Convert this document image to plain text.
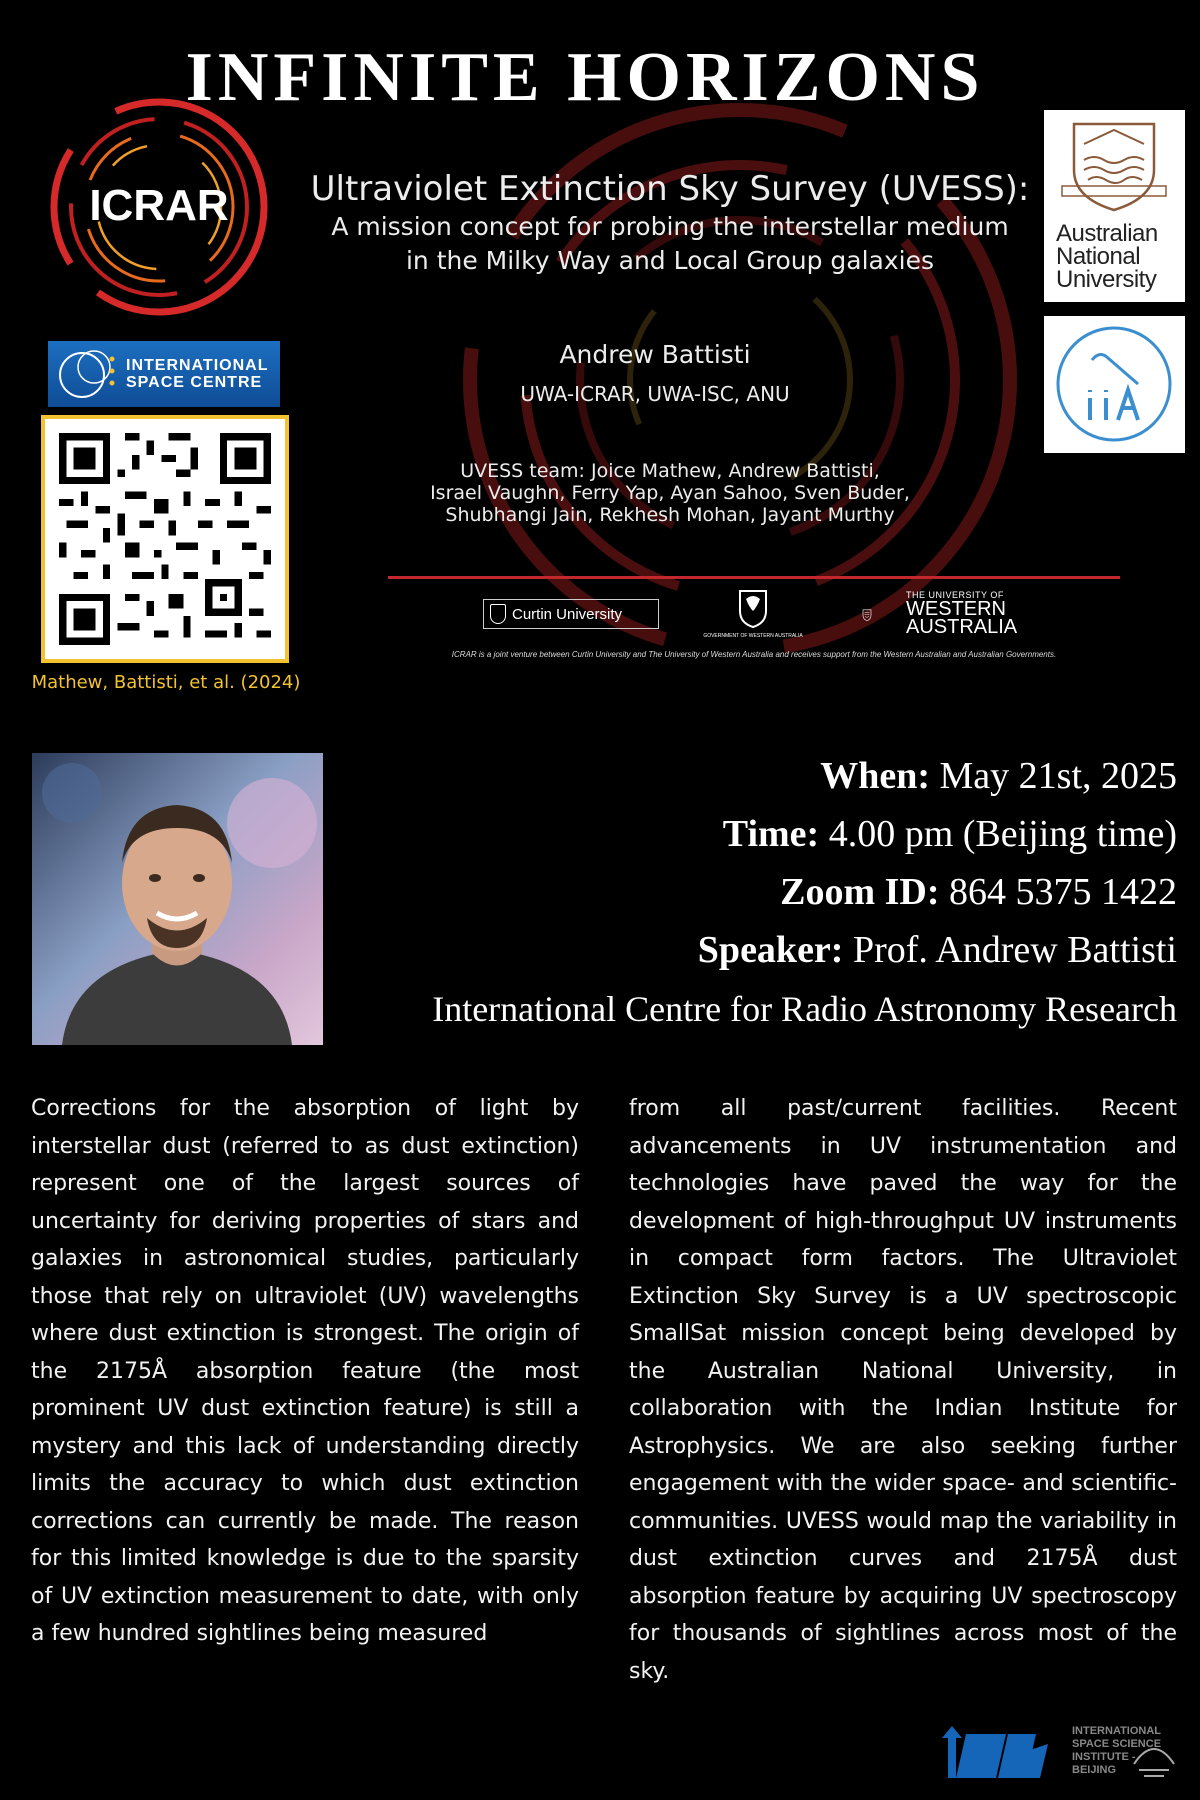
INFINITE HORIZONS
ICRAR Ultraviolet Extinction Sky Survey (UVESS):
A mission concept for probing the interstellar medium
in the Milky Way and Local Group galaxies
Andrew Battisti
UWA-ICRAR, UWA-ISC, ANU
UVESS team: Joice Mathew, Andrew Battisti,
Israel Vaughn, Ferry Yap, Ayan Sahoo, Sven Buder,
Shubhangi Jain, Rekhesh Mohan, Jayant Murthy
Curtin University
GOVERNMENT OF WESTERN AUSTRALIA
THE UNIVERSITY OF
WESTERN
AUSTRALIA
ICRAR is a joint venture between Curtin University and The University of Western Australia and receives support from the Western Australian and Australian Governments.
Australian
National
University
INTERNATIONAL
SPACE CENTRE
Mathew, Battisti, et al. (2024)
When: May 21st, 2025
Time: 4.00 pm (Beijing time)
Zoom ID: 864 5375 1422
Speaker: Prof. Andrew Battisti
International Centre for Radio Astronomy Research
Corrections for the absorption of light by interstellar dust (referred to as dust extinction) represent one of the largest sources of uncertainty for deriving properties of stars and galaxies in astronomical studies, particularly those that rely on ultraviolet (UV) wavelengths where dust extinction is strongest. The origin of the 2175Å absorption feature (the most prominent UV dust extinction feature) is still a mystery and this lack of understanding directly limits the accuracy to which dust extinction corrections can currently be made. The reason for this limited knowledge is due to the sparsity of UV extinction measurement to date, with only a few hundred sightlines being measured
from all past/current facilities. Recent advancements in UV instrumentation and technologies have paved the way for the development of high-throughput UV instruments in compact form factors. The Ultraviolet Extinction Sky Survey is a UV spectroscopic SmallSat mission concept being developed by the Australian National University, in collaboration with the Indian Institute for Astrophysics. We are also seeking further engagement with the wider space- and scientific-communities. UVESS would map the variability in dust extinction curves and 2175Å dust absorption feature by acquiring UV spectroscopy for thousands of sightlines across most of the sky.
INTERNATIONAL
SPACE SCIENCE
INSTITUTE -
BEIJING
